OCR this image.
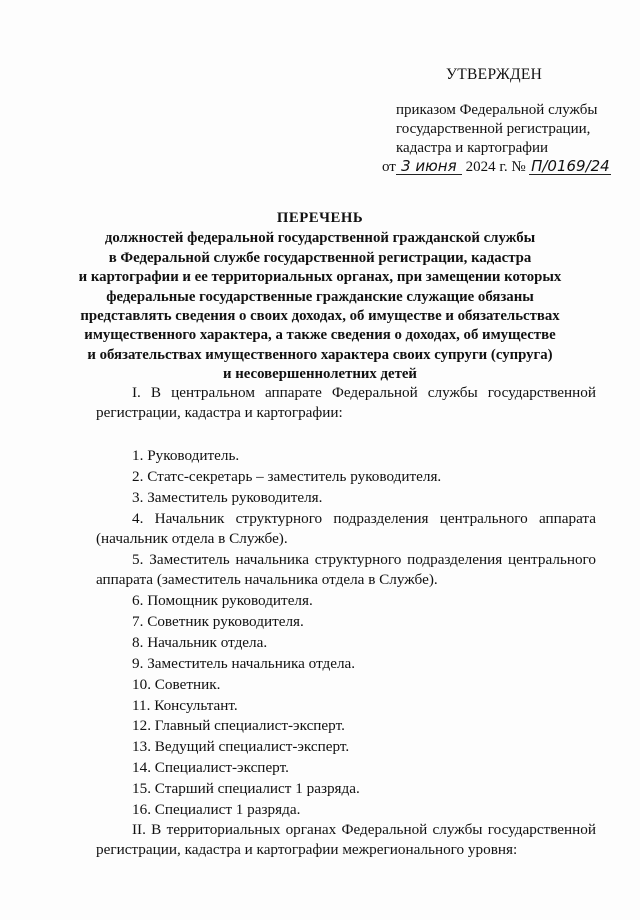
УТВЕРЖДЕН
приказом Федеральной службы
государственной регистрации,
кадастра и картографии
от 3 июня 2024 г. № П/0169/24
ПЕРЕЧЕНЬ
должностей федеральной государственной гражданской службы
в Федеральной службе государственной регистрации, кадастра
и картографии и ее территориальных органах, при замещении которых
федеральные государственные гражданские служащие обязаны
представлять сведения о своих доходах, об имуществе и обязательствах
имущественного характера, а также сведения о доходах, об имуществе
и обязательствах имущественного характера своих супруги (супруга)
и несовершеннолетних детей

I. В центральном аппарате Федеральной службы государственной регистрации, кадастра и картографии:

1. Руководитель.
2. Статс-секретарь – заместитель руководителя.
3. Заместитель руководителя.
4. Начальник структурного подразделения центрального аппарата (начальник отдела в Службе).
5. Заместитель начальника структурного подразделения центрального аппарата (заместитель начальника отдела в Службе).
6. Помощник руководителя.
7. Советник руководителя.
8. Начальник отдела.
9. Заместитель начальника отдела.
10. Советник.
11. Консультант.
12. Главный специалист-эксперт.
13. Ведущий специалист-эксперт.
14. Специалист-эксперт.
15. Старший специалист 1 разряда.
16. Специалист 1 разряда.

II. В территориальных органах Федеральной службы государственной регистрации, кадастра и картографии межрегионального уровня:
